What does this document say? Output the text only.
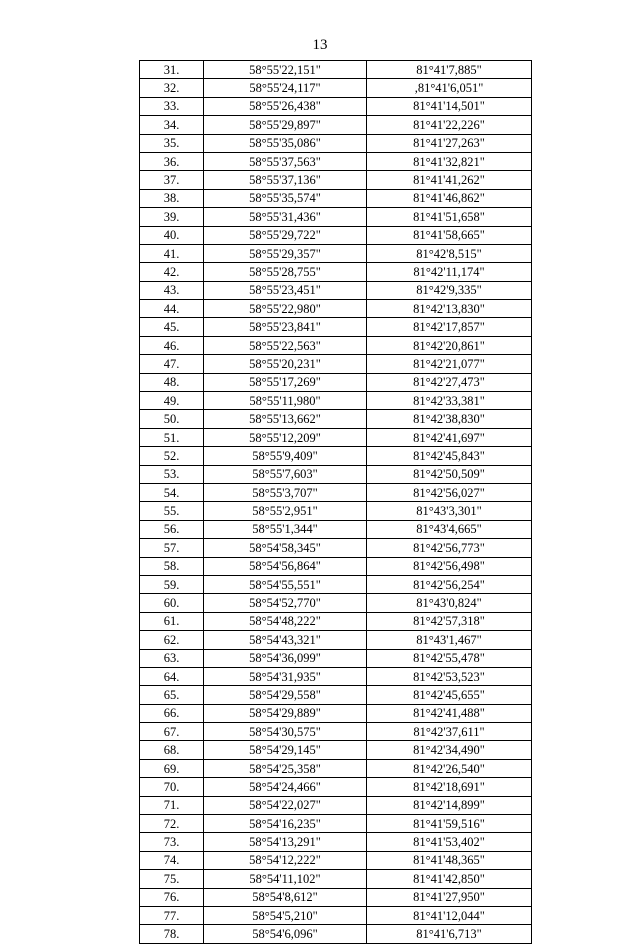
13
31.	58°55'22,151"	81°41'7,885"
32.	58°55'24,117"	,81°41'6,051"
33.	58°55'26,438"	81°41'14,501"
34.	58°55'29,897"	81°41'22,226"
35.	58°55'35,086"	81°41'27,263"
36.	58°55'37,563"	81°41'32,821"
37.	58°55'37,136"	81°41'41,262"
38.	58°55'35,574"	81°41'46,862"
39.	58°55'31,436"	81°41'51,658"
40.	58°55'29,722"	81°41'58,665"
41.	58°55'29,357"	81°42'8,515"
42.	58°55'28,755"	81°42'11,174"
43.	58°55'23,451"	81°42'9,335"
44.	58°55'22,980"	81°42'13,830"
45.	58°55'23,841"	81°42'17,857"
46.	58°55'22,563"	81°42'20,861"
47.	58°55'20,231"	81°42'21,077"
48.	58°55'17,269"	81°42'27,473"
49.	58°55'11,980"	81°42'33,381"
50.	58°55'13,662"	81°42'38,830"
51.	58°55'12,209"	81°42'41,697"
52.	58°55'9,409"	81°42'45,843"
53.	58°55'7,603"	81°42'50,509"
54.	58°55'3,707"	81°42'56,027"
55.	58°55'2,951"	81°43'3,301"
56.	58°55'1,344"	81°43'4,665"
57.	58°54'58,345"	81°42'56,773"
58.	58°54'56,864"	81°42'56,498"
59.	58°54'55,551"	81°42'56,254"
60.	58°54'52,770"	81°43'0,824"
61.	58°54'48,222"	81°42'57,318"
62.	58°54'43,321"	81°43'1,467"
63.	58°54'36,099"	81°42'55,478"
64.	58°54'31,935"	81°42'53,523"
65.	58°54'29,558"	81°42'45,655"
66.	58°54'29,889"	81°42'41,488"
67.	58°54'30,575"	81°42'37,611"
68.	58°54'29,145"	81°42'34,490"
69.	58°54'25,358"	81°42'26,540"
70.	58°54'24,466"	81°42'18,691"
71.	58°54'22,027"	81°42'14,899"
72.	58°54'16,235"	81°41'59,516"
73.	58°54'13,291"	81°41'53,402"
74.	58°54'12,222"	81°41'48,365"
75.	58°54'11,102"	81°41'42,850"
76.	58°54'8,612"	81°41'27,950"
77.	58°54'5,210"	81°41'12,044"
78.	58°54'6,096"	81°41'6,713"
